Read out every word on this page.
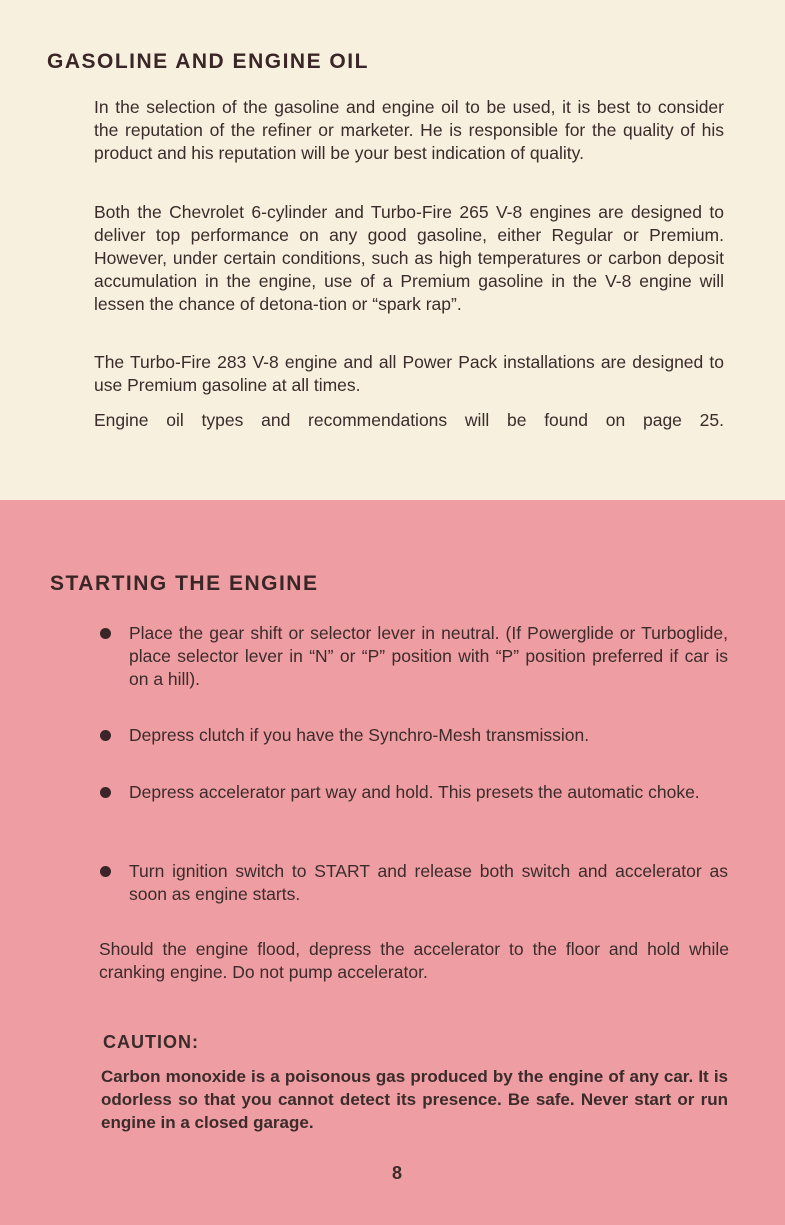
GASOLINE AND ENGINE OIL

In the selection of the gasoline and engine oil to be used, it is best to consider the reputation of the refiner or marketer. He is responsible for the quality of his product and his reputation will be your best indication of quality.

Both the Chevrolet 6-cylinder and Turbo-Fire 265 V-8 engines are designed to deliver top performance on any good gasoline, either Regular or Premium. However, under certain conditions, such as high temperatures or carbon deposit accumulation in the engine, use of a Premium gasoline in the V-8 engine will lessen the chance of detona-tion or “spark rap”.

The Turbo-Fire 283 V-8 engine and all Power Pack installations are designed to use Premium gasoline at all times.

Engine oil types and recommendations will be found on page 25.

STARTING THE ENGINE
Place the gear shift or selector lever in neutral. (If Powerglide or Turboglide, place selector lever in “N” or “P” position with “P” position preferred if car is on a hill).
Depress clutch if you have the Synchro-Mesh transmission.
Depress accelerator part way and hold. This presets the automatic choke.
Turn ignition switch to START and release both switch and accelerator as soon as engine starts.

Should the engine flood, depress the accelerator to the floor and hold while cranking engine. Do not pump accelerator.

CAUTION:

Carbon monoxide is a poisonous gas produced by the engine of any car. It is odorless so that you cannot detect its presence. Be safe. Never start or run engine in a closed garage.

8
